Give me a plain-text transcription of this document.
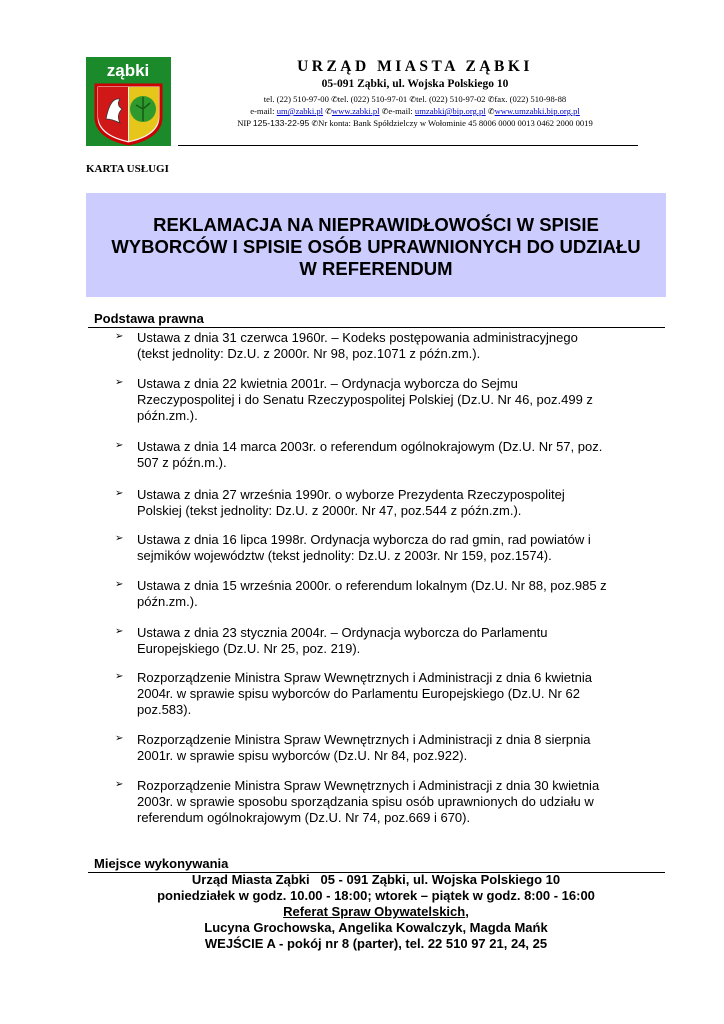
ząbki	URZĄD MIASTA ZĄBKI
05-091 Ząbki, ul. Wojska Polskiego 10
tel. (22) 510-97-00 ✆tel. (022) 510-97-01 ✆tel. (022) 510-97-02 ✆fax. (022) 510-98-88
e-mail: um@zabki.pl ✆www.zabki.pl ✆e-mail: umzabki@bip.org.pl ✆www.umzabki.bip.org.pl
NIP 125-133-22-95 ✆Nr konta: Bank Spółdzielczy w Wołominie 45 8006 0000 0013 0462 2000 0019
KARTA USŁUGI
REKLAMACJA NA NIEPRAWIDŁOWOŚCI W SPISIE
WYBORCÓW I SPISIE OSÓB UPRAWNIONYCH DO UDZIAŁU
W REFERENDUM
Podstawa prawna
➢ Ustawa z dnia 31 czerwca 1960r. – Kodeks postępowania administracyjnego
(tekst jednolity: Dz.U. z 2000r. Nr 98, poz.1071 z późn.zm.).
➢ Ustawa z dnia 22 kwietnia 2001r. – Ordynacja wyborcza do Sejmu
Rzeczypospolitej i do Senatu Rzeczypospolitej Polskiej (Dz.U. Nr 46, poz.499 z
późn.zm.).
➢ Ustawa z dnia 14 marca 2003r. o referendum ogólnokrajowym (Dz.U. Nr 57, poz.
507 z późn.m.).
➢ Ustawa z dnia 27 września 1990r. o wyborze Prezydenta Rzeczypospolitej
Polskiej (tekst jednolity: Dz.U. z 2000r. Nr 47, poz.544 z późn.zm.).
➢ Ustawa z dnia 16 lipca 1998r. Ordynacja wyborcza do rad gmin, rad powiatów i
sejmików województw (tekst jednolity: Dz.U. z 2003r. Nr 159, poz.1574).
➢ Ustawa z dnia 15 września 2000r. o referendum lokalnym (Dz.U. Nr 88, poz.985 z
późn.zm.).
➢ Ustawa z dnia 23 stycznia 2004r. – Ordynacja wyborcza do Parlamentu
Europejskiego (Dz.U. Nr 25, poz. 219).
➢ Rozporządzenie Ministra Spraw Wewnętrznych i Administracji z dnia 6 kwietnia
2004r. w sprawie spisu wyborców do Parlamentu Europejskiego (Dz.U. Nr 62
poz.583).
➢ Rozporządzenie Ministra Spraw Wewnętrznych i Administracji z dnia 8 sierpnia
2001r. w sprawie spisu wyborców (Dz.U. Nr 84, poz.922).
➢ Rozporządzenie Ministra Spraw Wewnętrznych i Administracji z dnia 30 kwietnia
2003r. w sprawie sposobu sporządzania spisu osób uprawnionych do udziału w
referendum ogólnokrajowym (Dz.U. Nr 74, poz.669 i 670).
Miejsce wykonywania
Urząd Miasta Ząbki   05 - 091 Ząbki, ul. Wojska Polskiego 10
poniedziałek w godz. 10.00 - 18:00; wtorek – piątek w godz. 8:00 - 16:00
Referat Spraw Obywatelskich,
Lucyna Grochowska, Angelika Kowalczyk, Magda Mańk
WEJŚCIE A - pokój nr 8 (parter), tel. 22 510 97 21, 24, 25
